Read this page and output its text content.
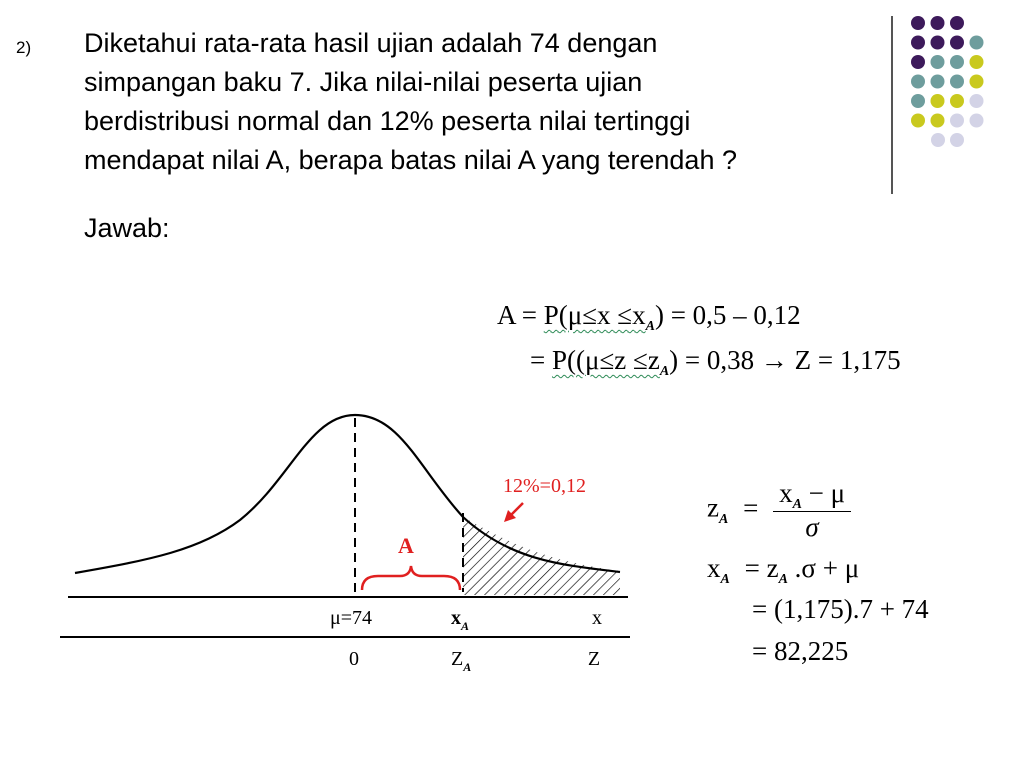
2) Diketahui rata-rata hasil ujian adalah 74 dengan
simpangan baku 7. Jika nilai-nilai peserta ujian
berdistribusi normal dan 12% peserta nilai tertinggi
mendapat nilai A, berapa batas nilai A yang terendah ?
Jawab:
$A = P(\mu\le x \le x_A) = 0,5 - 0,12$
= $P((\mu\le z \le z_A) = 0,38 \to Z = 1,175$
A
12%=0,12
μ=74	$x_A$	x
0	$Z_A$	Z
$z_A = \frac{x_A - \mu}{\sigma}$
$x_A = z_A$ .σ + μ
= (1,175).7 + 74
= 82,225
